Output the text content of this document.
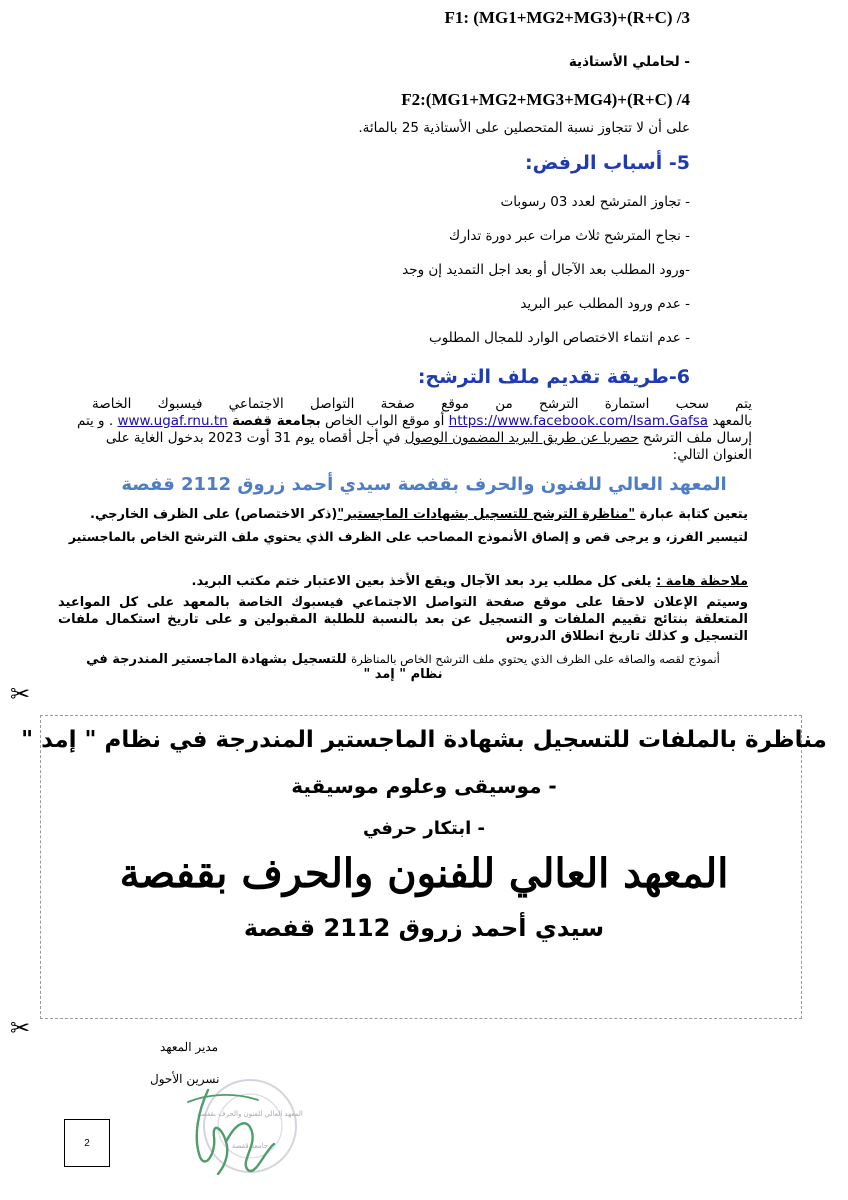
F1: (MG1+MG2+MG3)+(R+C) /3
- لحاملي الأستاذية
F2:(MG1+MG2+MG3+MG4)+(R+C) /4
على أن لا تتجاوز نسبة المتحصلين على الأستاذية 25 بالمائة.
5- أسباب الرفض:
- تجاوز المترشح لعدد 03 رسوبات
- نجاح المترشح ثلاث مرات عبر دورة تدارك
-ورود المطلب بعد الآجال أو بعد اجل التمديد إن وجد
- عدم ورود المطلب عبر البريد
- عدم انتماء الاختصاص الوارد للمجال المطلوب
6-طريقة تقديم ملف الترشح:
يتم سحب استمارة الترشح من موقع صفحة التواصل الاجتماعي فيسبوك الخاصة
بالمعهد https://www.facebook.com/Isam.Gafsa أو موقع الواب الخاص بجامعة قفصة www.ugaf.rnu.tn . و يتم
إرسال ملف الترشح حصريا عن طريق البريد المضمون الوصول في أجل أقصاه يوم 31 أوت 2023 بدخول الغاية على
العنوان التالي:
المعهد العالي للفنون والحرف بقفصة سيدي أحمد زروق 2112 قفصة
يتعين كتابة عبارة "مناظرة الترشح للتسجيل بشهادات الماجستير"(ذكر الاختصاص) على الظرف الخارجي.
لتيسير الفرز، و يرجى قص و إلصاق الأنموذج المصاحب على الظرف الذي يحتوي ملف الترشح الخاص بالماجستير
ملاحظة هامة : يلغى كل مطلب يرد بعد الآجال ويقع الأخذ بعين الاعتبار ختم مكتب البريد.
وسيتم الإعلان لاحقا على موقع صفحة التواصل الاجتماعي فيسبوك الخاصة بالمعهد على كل المواعيد المتعلقة بنتائج تقييم الملفات و التسجيل عن بعد بالنسبة للطلبة المقبولين و على تاريخ استكمال ملفات التسجيل و كذلك تاريخ انطلاق الدروس
أنموذج لقصه والصاقه على الظرف الذي يحتوي ملف الترشح الخاص بالمناظرة للتسجيل بشهادة الماجستير المندرجة في
نظام " إمد "
✂
✂
مناظرة بالملفات للتسجيل بشهادة الماجستير المندرجة في نظام " إمد "
- موسيقى وعلوم موسيقية
- ابتكار حرفي
المعهد العالي للفنون والحرف بقفصة
سيدي أحمد زروق 2112 قفصة
مدير المعهد
نسرين الأحول
المعهد العالي للفنون والحرف بقفصة
جامعة قفصة
2
